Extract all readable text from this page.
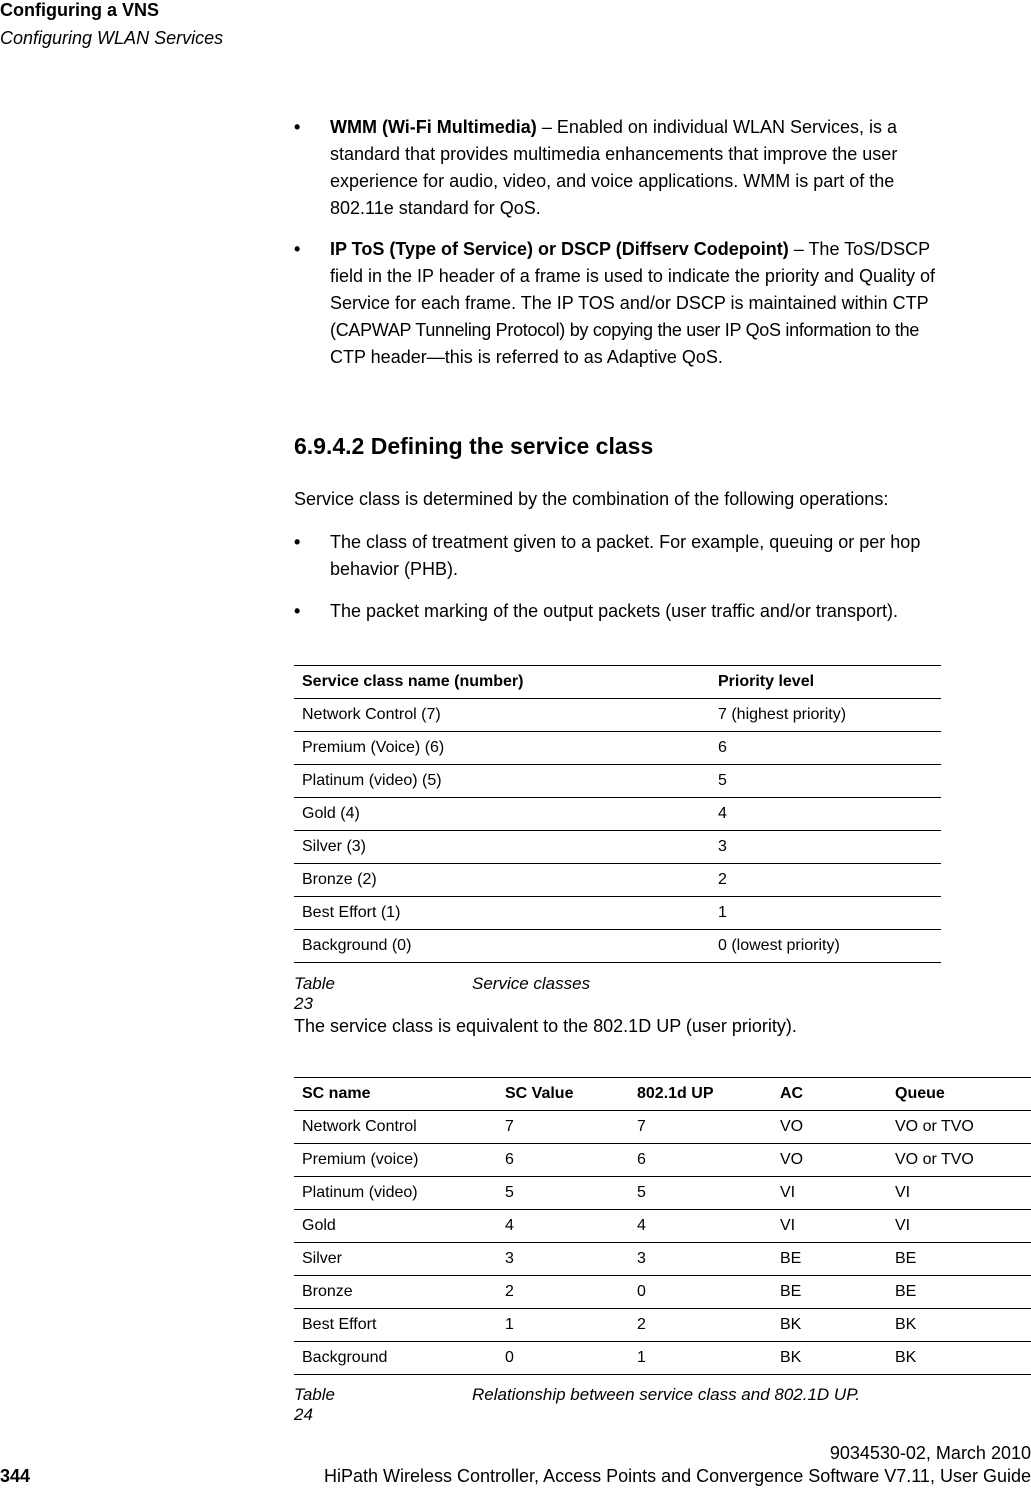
Configuring a VNS
Configuring WLAN Services
• WMM (Wi-Fi Multimedia) – Enabled on individual WLAN Services, is a
standard that provides multimedia enhancements that improve the user
experience for audio, video, and voice applications. WMM is part of the
802.11e standard for QoS.
• IP ToS (Type of Service) or DSCP (Diffserv Codepoint) – The ToS/DSCP
field in the IP header of a frame is used to indicate the priority and Quality of
Service for each frame. The IP TOS and/or DSCP is maintained within CTP
(CAPWAP Tunneling Protocol) by copying the user IP QoS information to the
CTP header—this is referred to as Adaptive QoS.
6.9.4.2 Defining the service class
Service class is determined by the combination of the following operations:
• The class of treatment given to a packet. For example, queuing or per hop
behavior (PHB).
• The packet marking of the output packets (user traffic and/or transport).
Service class name (number)	Priority level
Network Control (7)	7 (highest priority)
Premium (Voice) (6)	6
Platinum (video) (5)	5
Gold (4)	4
Silver (3)	3
Bronze (2)	2
Best Effort (1)	1
Background (0)	0 (lowest priority)
Table 23
Service classes
The service class is equivalent to the 802.1D UP (user priority).
SC name	SC Value	802.1d UP	AC	Queue
Network Control	7	7	VO	VO or TVO
Premium (voice)	6	6	VO	VO or TVO
Platinum (video)	5	5	VI	VI
Gold	4	4	VI	VI
Silver	3	3	BE	BE
Bronze	2	0	BE	BE
Best Effort	1	2	BK	BK
Background	0	1	BK	BK
Table 24
Relationship between service class and 802.1D UP.
9034530-02, March 2010
344	HiPath Wireless Controller, Access Points and Convergence Software V7.11, User Guide
